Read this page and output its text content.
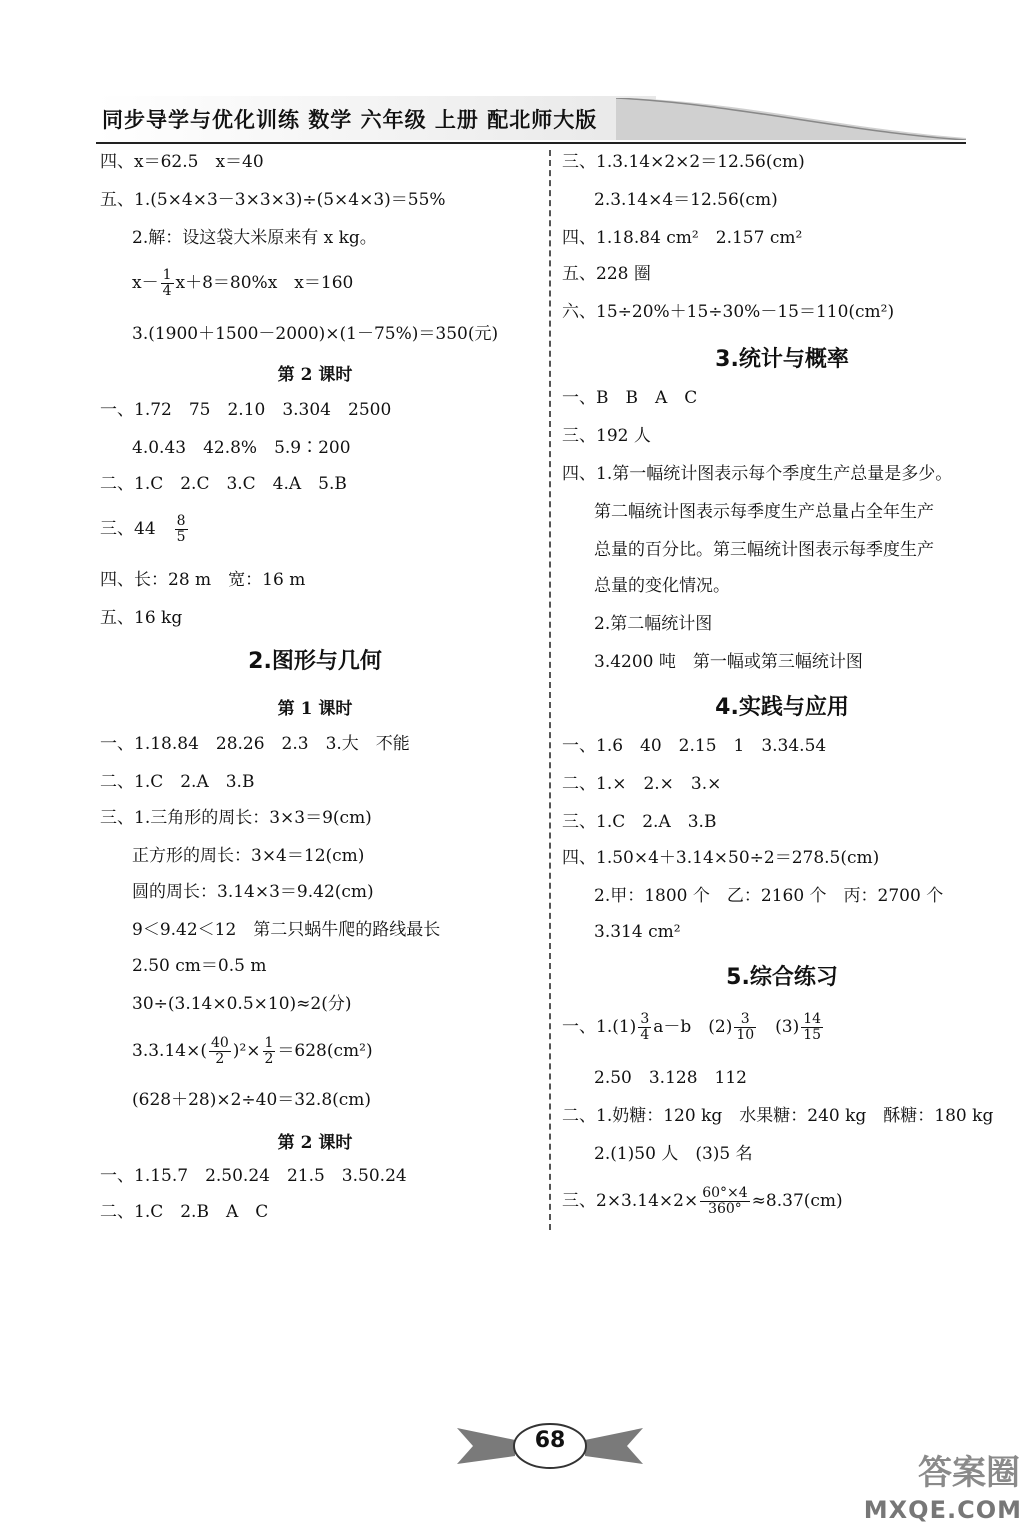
同步导学与优化训练 数学 六年级 上册 配北师大版
四、x＝62.5　x＝40
五、1.(5×4×3－3×3×3)÷(5×4×3)＝55%
2.解：设这袋大米原来有 x kg。
$x- \frac{1}{4} x+8=80\%x$　x＝160
3.(1900＋1500－2000)×(1－75%)＝350(元)
第 2 课时
一、1.72　75　2.10　3.304　2500
4.0.43　42.8%　5.9∶200
二、1.C　2.C　3.C　4.A　5.B
三、44　 $\frac{8}{5}$
四、长：28 m　宽：16 m
五、16 kg
2.图形与几何
第 1 课时
一、1.18.84　28.26　2.3　3.大　不能
二、1.C　2.A　3.B
三、1.三角形的周长：3×3＝9(cm)
正方形的周长：3×4＝12(cm)
圆的周长：3.14×3＝9.42(cm)
9＜9.42＜12　第二只蜗牛爬的路线最长
2.50 cm＝0.5 m
30÷(3.14×0.5×10)≈2(分)
$3.3.14\times( \frac{40}{2} )^2\times \frac{1}{2} =628(cm^2)$
(628＋28)×2÷40＝32.8(cm)
第 2 课时
一、1.15.7　2.50.24　21.5　3.50.24
二、1.C　2.B　A　C
三、1.3.14×2×2＝12.56(cm)
2.3.14×4＝12.56(cm)
四、1.18.84 cm²　2.157 cm²
五、228 圈
六、15÷20%＋15÷30%－15＝110(cm²)
3.统计与概率
一、B　B　A　C
三、192 人
四、1.第一幅统计图表示每个季度生产总量是多少。
第二幅统计图表示每季度生产总量占全年生产
总量的百分比。第三幅统计图表示每季度生产
总量的变化情况。
2.第二幅统计图
3.4200 吨　第一幅或第三幅统计图
4.实践与应用
一、1.6　40　2.15　1　3.34.54
二、1.×　2.×　3.×
三、1.C　2.A　3.B
四、1.50×4＋3.14×50÷2＝278.5(cm)
2.甲：1800 个　乙：2160 个　丙：2700 个
3.314 cm²
5.综合练习
一、$1.(1) \frac{3}{4} a-b$　$(2) \frac{3}{10}$ 　$(3) \frac{14}{15}$
2.50　3.128　112
二、1.奶糖：120 kg　水果糖：240 kg　酥糖：180 kg
2.(1)50 人　(3)5 名
三、$2\times 3.14\times 2\times \frac{60^\circ\times 4}{360^\circ} \approx 8.37(cm)$
68
答案圈
MXQE.COM
